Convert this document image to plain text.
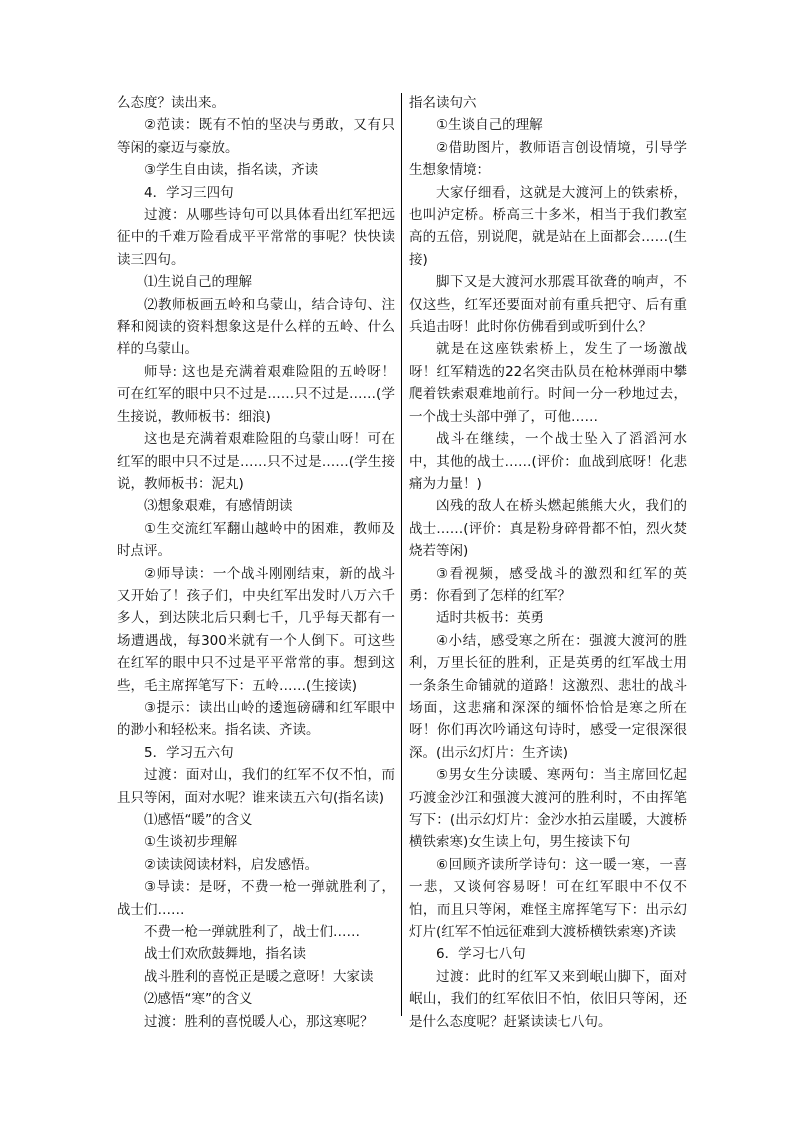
么态度？读出来。

②范读：既有不怕的坚决与勇敢，又有只等闲的豪迈与豪放。

③学生自由读，指名读，齐读

4．学习三四句

过渡：从哪些诗句可以具体看出红军把远征中的千难万险看成平平常常的事呢？快快读读三四句。

⑴生说自己的理解

⑵教师板画五岭和乌蒙山，结合诗句、注释和阅读的资料想象这是什么样的五岭、什么样的乌蒙山。

师导: 这也是充满着艰难险阻的五岭呀！可在红军的眼中只不过是……只不过是……(学生接说，教师板书：细浪)

这也是充满着艰难险阻的乌蒙山呀！可在红军的眼中只不过是……只不过是……(学生接说，教师板书：泥丸)

⑶想象艰难，有感情朗读

①生交流红军翻山越岭中的困难，教师及时点评。

②师导读：一个战斗刚刚结束，新的战斗又开始了！孩子们，中央红军出发时八万六千多人，到达陕北后只剩七千，几乎每天都有一场遭遇战，每300米就有一个人倒下。可这些在红军的眼中只不过是平平常常的事。想到这些，毛主席挥笔写下：五岭……(生接读)

③提示：读出山岭的逶迤磅礴和红军眼中的渺小和轻松来。指名读、齐读。

5．学习五六句

过渡：面对山，我们的红军不仅不怕，而且只等闲，面对水呢？谁来读五六句(指名读)

⑴感悟“暖”的含义

①生谈初步理解

②读读阅读材料，启发感悟。

③导读：是呀，不费一枪一弹就胜利了，战士们……

不费一枪一弹就胜利了，战士们……

战士们欢欣鼓舞地，指名读

战斗胜利的喜悦正是暖之意呀！大家读

⑵感悟“寒”的含义

过渡：胜利的喜悦暖人心，那这寒呢？

指名读句六

①生谈自己的理解

②借助图片，教师语言创设情境，引导学生想象情境：

大家仔细看，这就是大渡河上的铁索桥，也叫泸定桥。桥高三十多米，相当于我们教室高的五倍，别说爬，就是站在上面都会……(生接)

脚下又是大渡河水那震耳欲聋的响声，不仅这些，红军还要面对前有重兵把守、后有重兵追击呀！此时你仿佛看到或听到什么？

就是在这座铁索桥上，发生了一场激战呀！红军精选的22名突击队员在枪林弹雨中攀爬着铁索艰难地前行。时间一分一秒地过去，一个战士头部中弹了，可他……

战斗在继续，一个战士坠入了滔滔河水中，其他的战士……(评价：血战到底呀！化悲痛为力量！)

凶残的敌人在桥头燃起熊熊大火，我们的战士……(评价：真是粉身碎骨都不怕，烈火焚烧若等闲)

③看视频，感受战斗的激烈和红军的英勇：你看到了怎样的红军？

适时共板书：英勇

④小结，感受寒之所在：强渡大渡河的胜利，万里长征的胜利，正是英勇的红军战士用一条条生命铺就的道路！这激烈、悲壮的战斗场面，这悲痛和深深的缅怀恰恰是寒之所在呀！你们再次吟诵这句诗时，感受一定很深很深。(出示幻灯片：生齐读)

⑤男女生分读暖、寒两句：当主席回忆起巧渡金沙江和强渡大渡河的胜利时，不由挥笔写下：(出示幻灯片：金沙水拍云崖暖，大渡桥横铁索寒)女生读上句，男生接读下句

⑥回顾齐读所学诗句：这一暖一寒，一喜一悲，又谈何容易呀！可在红军眼中不仅不怕，而且只等闲，难怪主席挥笔写下：出示幻灯片(红军不怕远征难到大渡桥横铁索寒)齐读

6．学习七八句

过渡：此时的红军又来到岷山脚下，面对岷山，我们的红军依旧不怕，依旧只等闲，还是什么态度呢？赶紧读读七八句。
